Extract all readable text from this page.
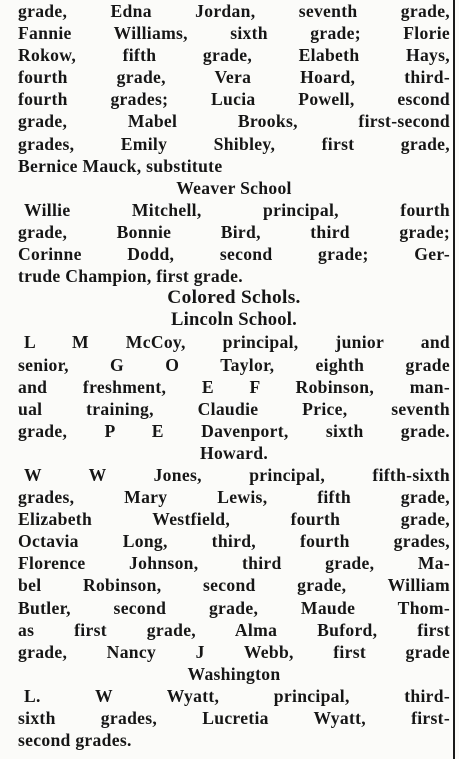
grade, Edna Jordan, seventh grade,
Fannie Williams, sixth grade; Florie
Rokow, fifth grade, Elabeth Hays,
fourth grade, Vera Hoard, third-
fourth grades; Lucia Powell, escond
grade, Mabel Brooks, first-second
grades, Emily Shibley, first grade,
Bernice Mauck, substitute
Weaver School
Willie Mitchell, principal, fourth
grade, Bonnie Bird, third grade;
Corinne Dodd, second grade; Ger-
trude Champion, first grade.
Colored Schols.
Lincoln School.
L M McCoy, principal, junior and
senior, G O Taylor, eighth grade
and freshment, E F Robinson, man-
ual training, Claudie Price, seventh
grade, P E Davenport, sixth grade.
Howard.
W W Jones, principal, fifth-sixth
grades, Mary Lewis, fifth grade,
Elizabeth Westfield, fourth grade,
Octavia Long, third, fourth grades,
Florence Johnson, third grade, Ma-
bel Robinson, second grade, William
Butler, second grade, Maude Thom-
as first grade, Alma Buford, first
grade, Nancy J Webb, first grade
Washington
L. W Wyatt, principal, third-
sixth grades, Lucretia Wyatt, first-
second grades.
